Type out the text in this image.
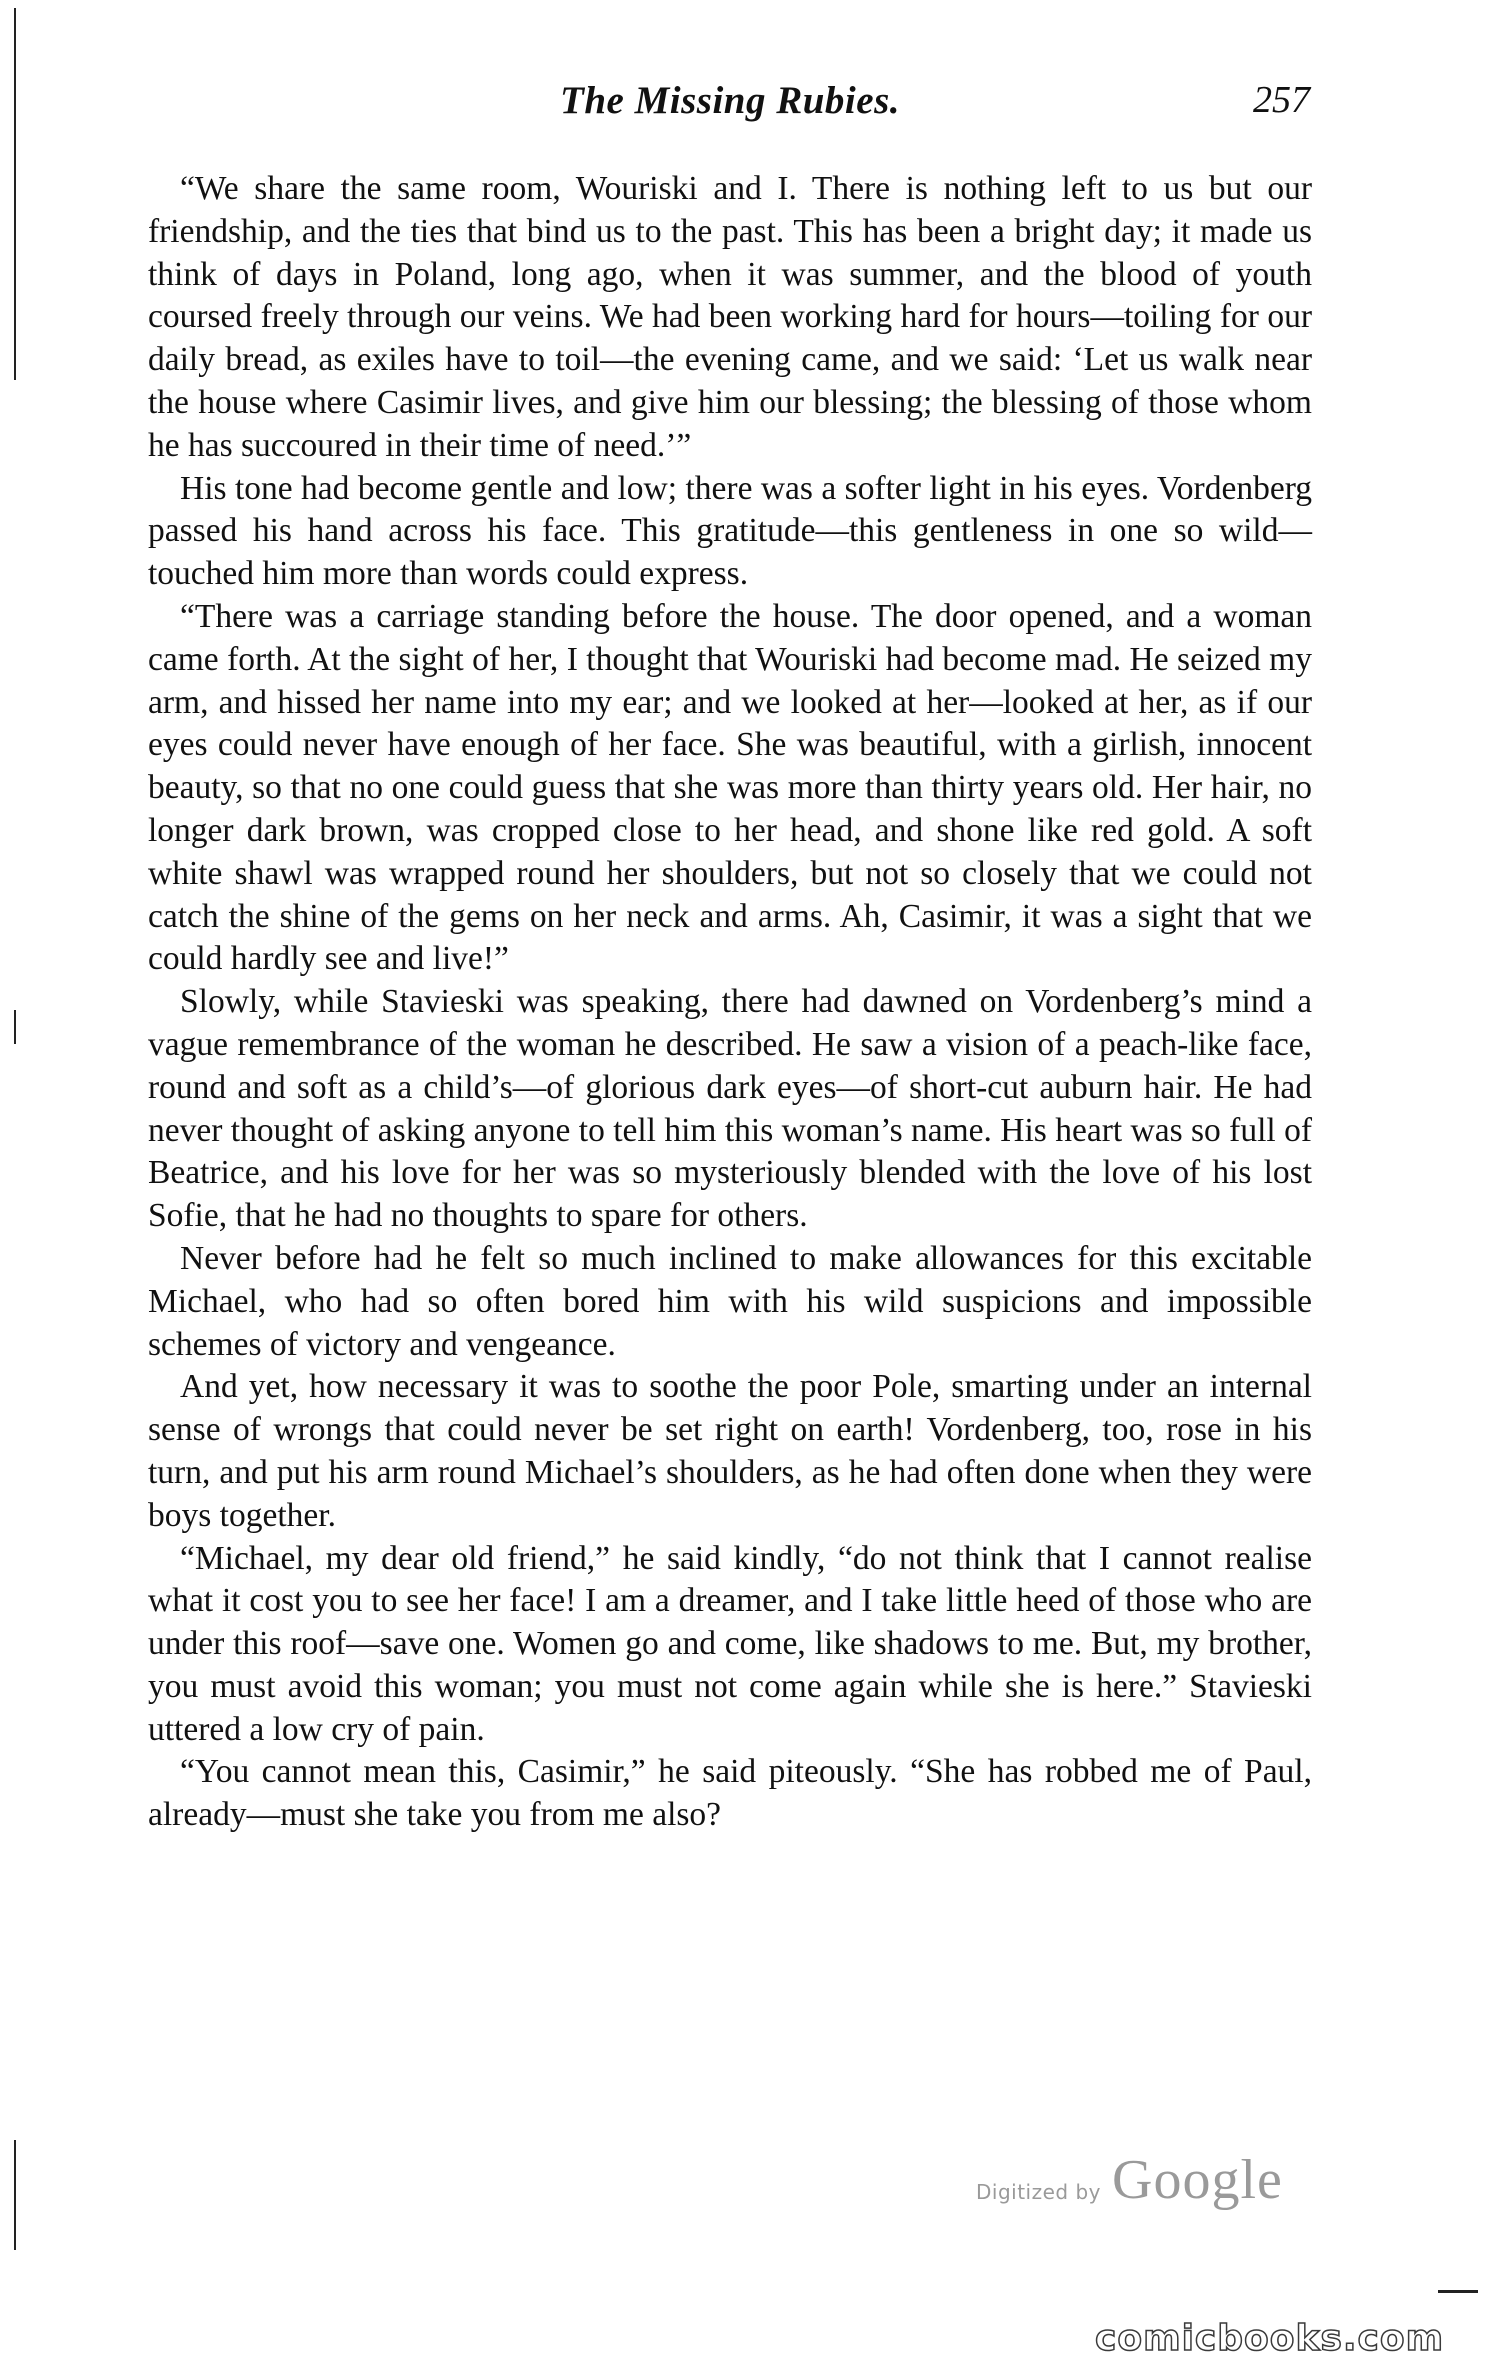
The Missing Rubies.	257

“We share the same room, Wouriski and I. There is nothing left to us but our friendship, and the ties that bind us to the past. This has been a bright day; it made us think of days in Poland, long ago, when it was summer, and the blood of youth coursed freely through our veins. We had been working hard for hours—toiling for our daily bread, as exiles have to toil—the evening came, and we said: ‘Let us walk near the house where Casimir lives, and give him our blessing; the blessing of those whom he has succoured in their time of need.’”

His tone had become gentle and low; there was a softer light in his eyes. Vordenberg passed his hand across his face. This gratitude—this gentleness in one so wild—touched him more than words could express.

“There was a carriage standing before the house. The door opened, and a woman came forth. At the sight of her, I thought that Wouriski had become mad. He seized my arm, and hissed her name into my ear; and we looked at her—looked at her, as if our eyes could never have enough of her face. She was beautiful, with a girlish, innocent beauty, so that no one could guess that she was more than thirty years old. Her hair, no longer dark brown, was cropped close to her head, and shone like red gold. A soft white shawl was wrapped round her shoulders, but not so closely that we could not catch the shine of the gems on her neck and arms. Ah, Casimir, it was a sight that we could hardly see and live!”

Slowly, while Stavieski was speaking, there had dawned on Vordenberg’s mind a vague remembrance of the woman he described. He saw a vision of a peach-like face, round and soft as a child’s—of glorious dark eyes—of short-cut auburn hair. He had never thought of asking anyone to tell him this woman’s name. His heart was so full of Beatrice, and his love for her was so mysteriously blended with the love of his lost Sofie, that he had no thoughts to spare for others.

Never before had he felt so much inclined to make allowances for this excitable Michael, who had so often bored him with his wild suspicions and impossible schemes of victory and vengeance.

And yet, how necessary it was to soothe the poor Pole, smarting under an internal sense of wrongs that could never be set right on earth! Vordenberg, too, rose in his turn, and put his arm round Michael’s shoulders, as he had often done when they were boys together.

“Michael, my dear old friend,” he said kindly, “do not think that I cannot realise what it cost you to see her face! I am a dreamer, and I take little heed of those who are under this roof—save one. Women go and come, like shadows to me. But, my brother, you must avoid this woman; you must not come again while she is here.” Stavieski uttered a low cry of pain.

“You cannot mean this, Casimir,” he said piteously. “She has robbed me of Paul, already—must she take you from me also?

Digitized by Google
comicbooks.com
